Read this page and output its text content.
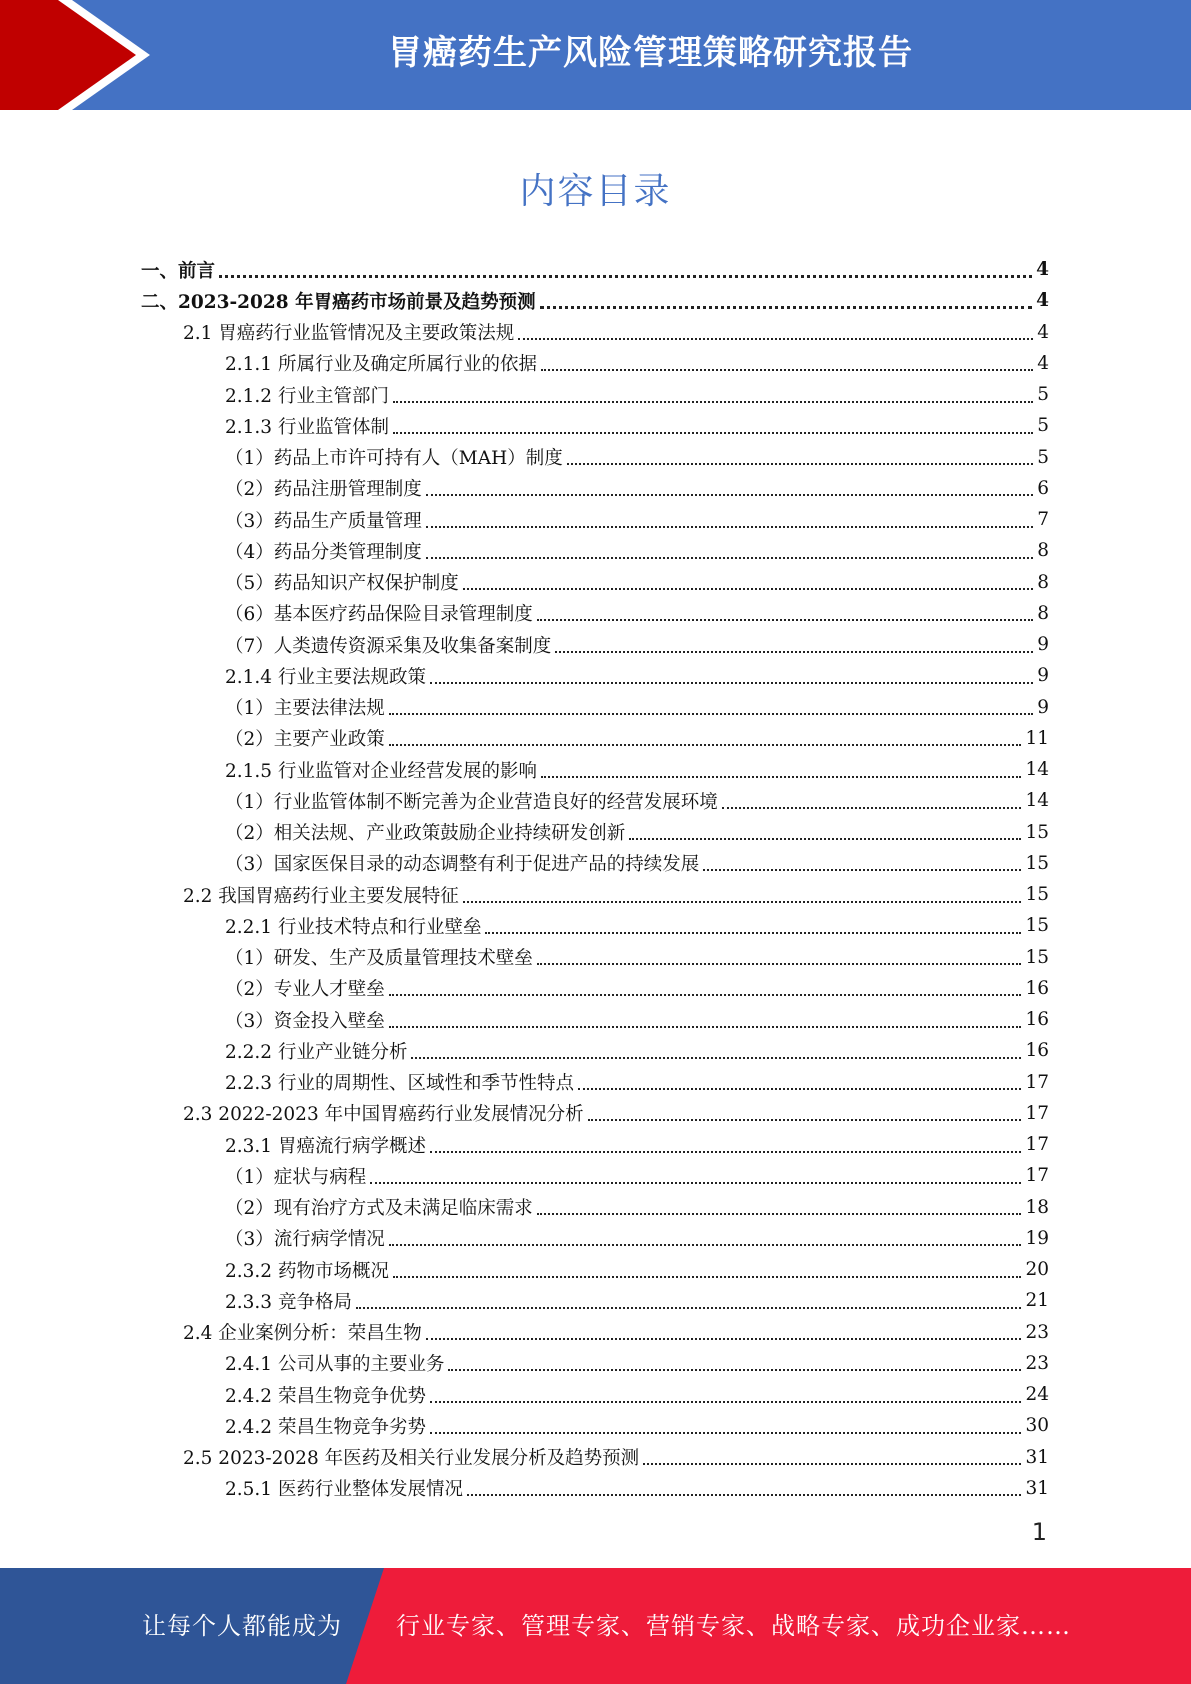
胃癌药生产风险管理策略研究报告
内容目录
一、前言	4
二、2023-2028 年胃癌药市场前景及趋势预测	4
2.1 胃癌药行业监管情况及主要政策法规	4
2.1.1 所属行业及确定所属行业的依据	4
2.1.2 行业主管部门	5
2.1.3 行业监管体制	5
（1）药品上市许可持有人（MAH）制度	5
（2）药品注册管理制度	6
（3）药品生产质量管理	7
（4）药品分类管理制度	8
（5）药品知识产权保护制度	8
（6）基本医疗药品保险目录管理制度	8
（7）人类遗传资源采集及收集备案制度	9
2.1.4 行业主要法规政策	9
（1）主要法律法规	9
（2）主要产业政策	11
2.1.5 行业监管对企业经营发展的影响	14
（1）行业监管体制不断完善为企业营造良好的经营发展环境	14
（2）相关法规、产业政策鼓励企业持续研发创新	15
（3）国家医保目录的动态调整有利于促进产品的持续发展	15
2.2 我国胃癌药行业主要发展特征	15
2.2.1 行业技术特点和行业壁垒	15
（1）研发、生产及质量管理技术壁垒	15
（2）专业人才壁垒	16
（3）资金投入壁垒	16
2.2.2 行业产业链分析	16
2.2.3 行业的周期性、区域性和季节性特点	17
2.3 2022-2023 年中国胃癌药行业发展情况分析	17
2.3.1 胃癌流行病学概述	17
（1）症状与病程	17
（2）现有治疗方式及未满足临床需求	18
（3）流行病学情况	19
2.3.2 药物市场概况	20
2.3.3 竞争格局	21
2.4 企业案例分析：荣昌生物	23
2.4.1 公司从事的主要业务	23
2.4.2 荣昌生物竞争优势	24
2.4.2 荣昌生物竞争劣势	30
2.5 2023-2028 年医药及相关行业发展分析及趋势预测	31
2.5.1 医药行业整体发展情况	31
1
让每个人都能成为 行业专家、管理专家、营销专家、战略专家、成功企业家……
